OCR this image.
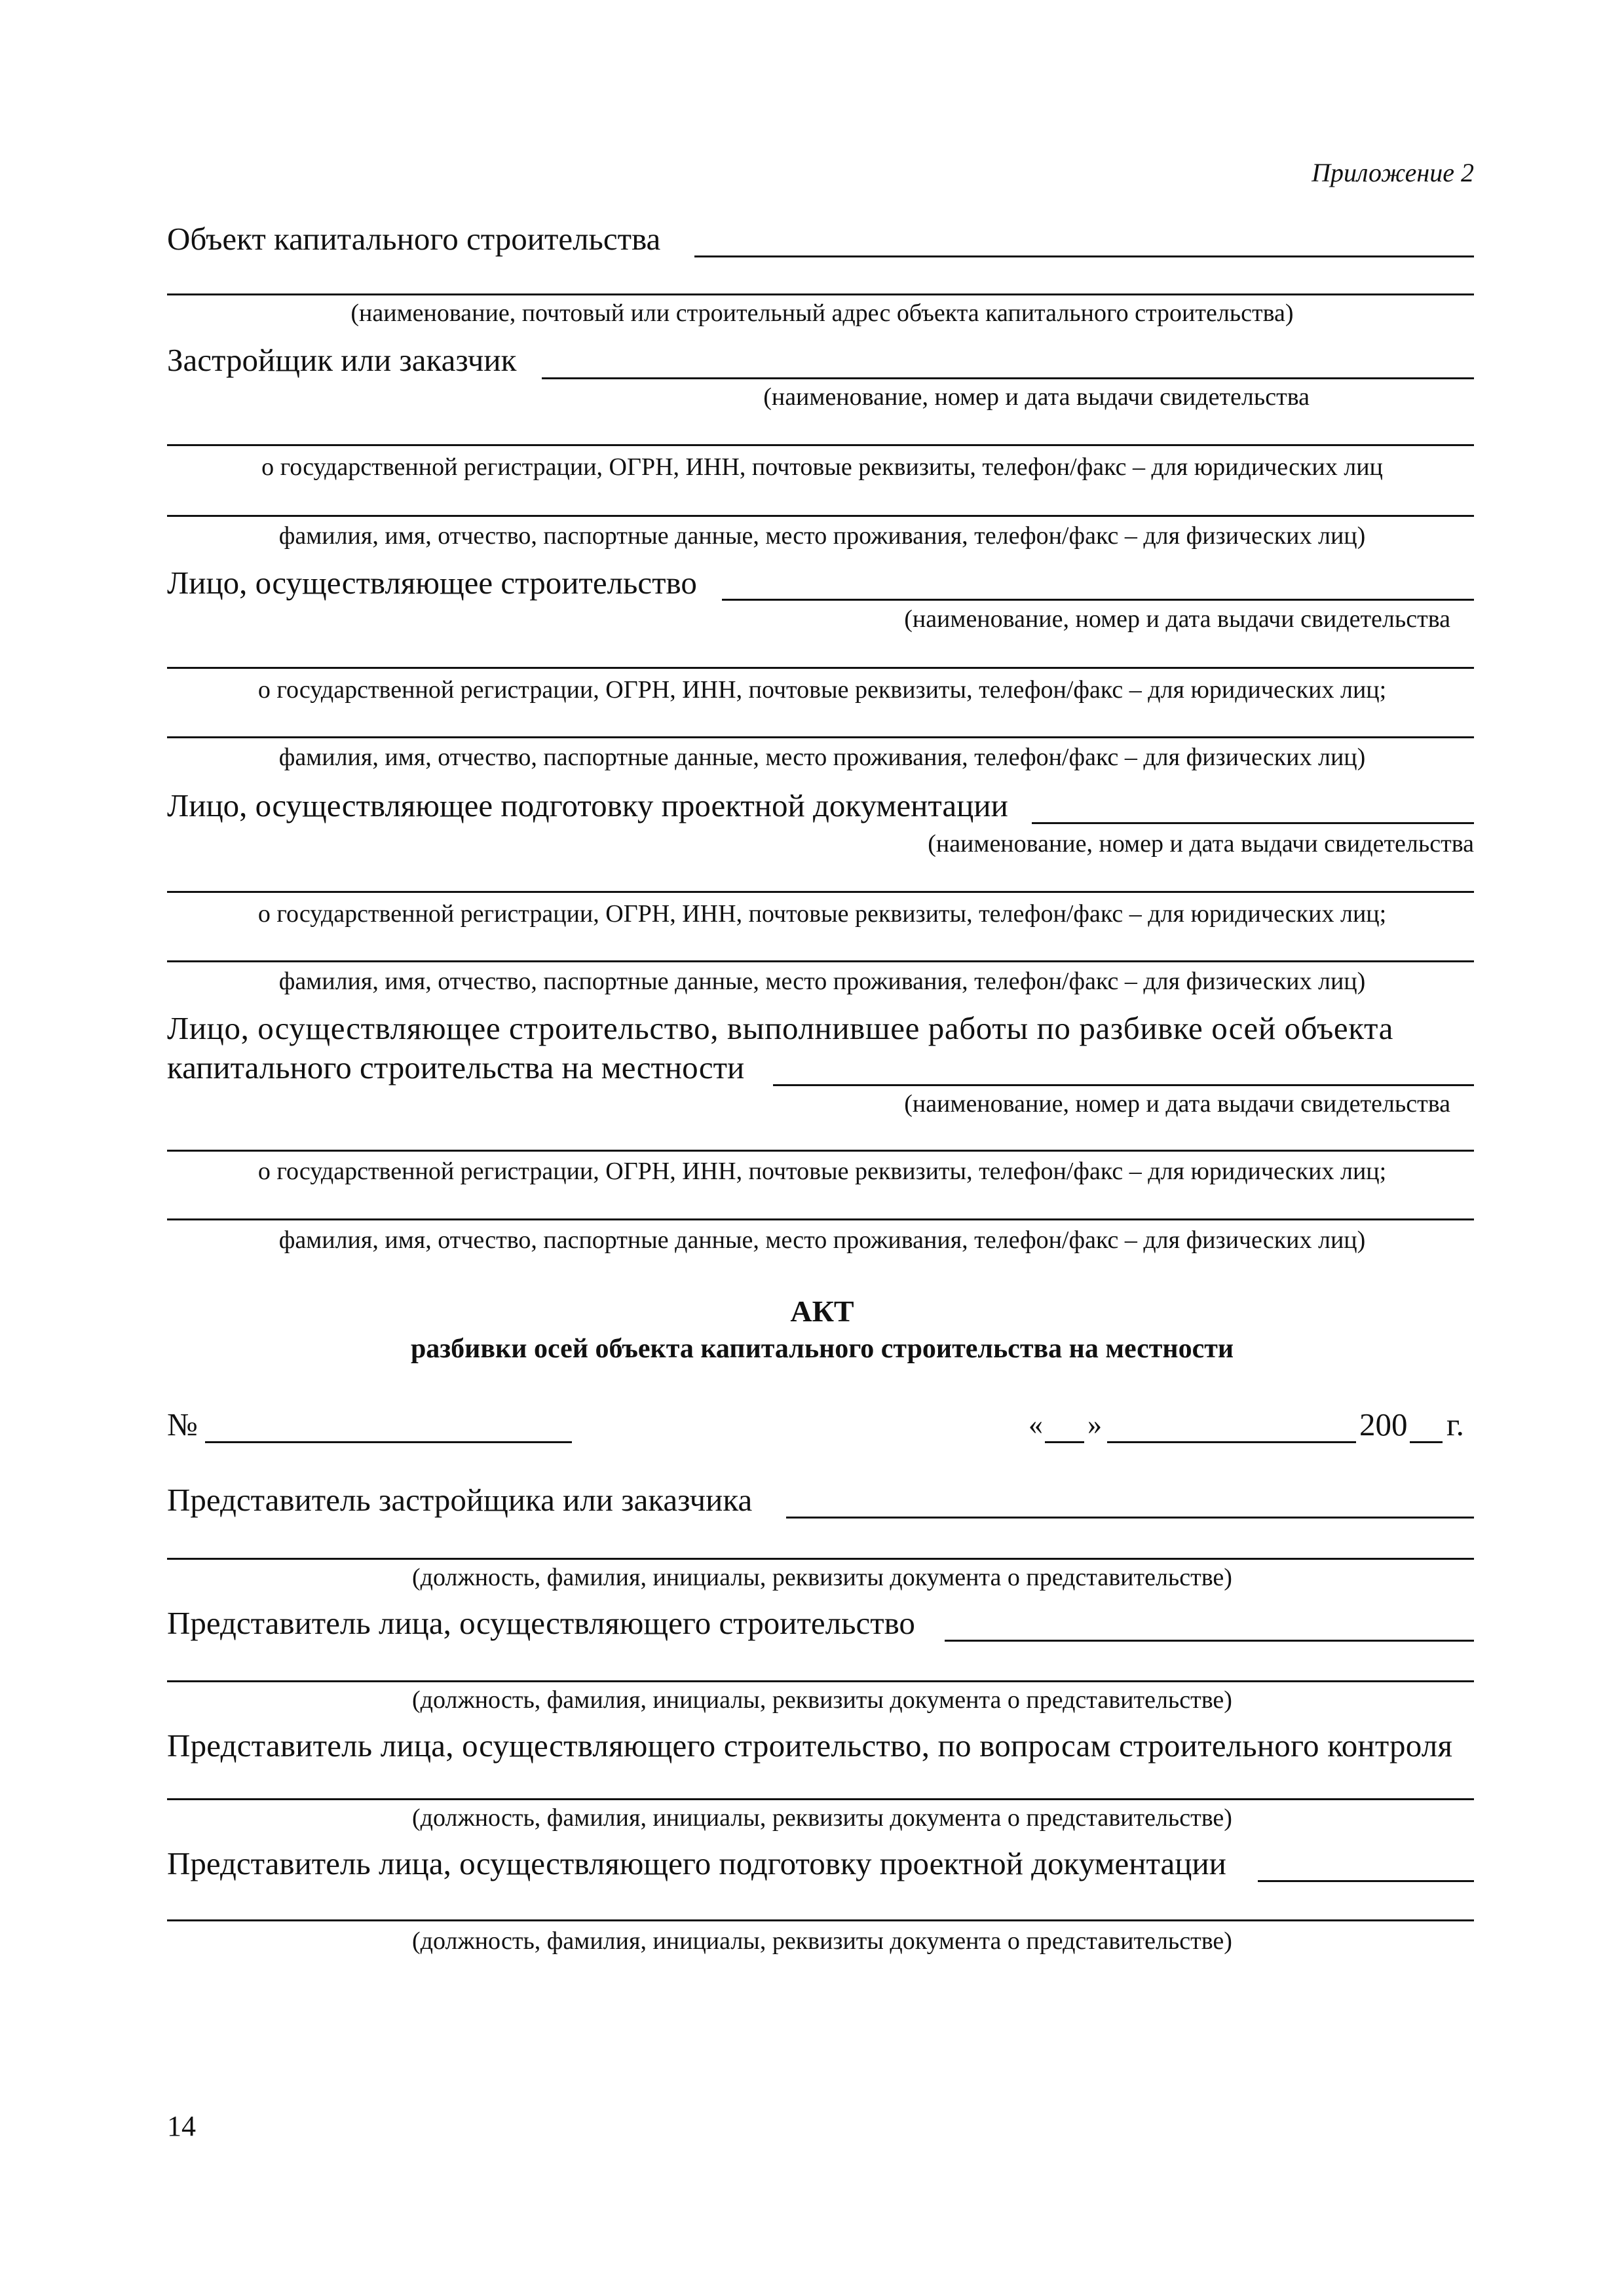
Приложение 2
Объект капитального строительства
(наименование, почтовый или строительный адрес объекта капитального строительства)
Застройщик или заказчик
(наименование, номер и дата выдачи свидетельства
о государственной регистрации, ОГРН, ИНН, почтовые реквизиты, телефон/факс – для юридических лиц
фамилия, имя, отчество, паспортные данные, место проживания, телефон/факс – для физических лиц)
Лицо, осуществляющее строительство
(наименование, номер и дата выдачи свидетельства
о государственной регистрации, ОГРН, ИНН, почтовые реквизиты, телефон/факс – для юридических лиц;
фамилия, имя, отчество, паспортные данные, место проживания, телефон/факс – для физических лиц)
Лицо, осуществляющее подготовку проектной документации
(наименование, номер и дата выдачи свидетельства
о государственной регистрации, ОГРН, ИНН, почтовые реквизиты, телефон/факс – для юридических лиц;
фамилия, имя, отчество, паспортные данные, место проживания, телефон/факс – для физических лиц)
Лицо, осуществляющее строительство, выполнившее работы по разбивке осей объекта
капитального строительства на местности
(наименование, номер и дата выдачи свидетельства
о государственной регистрации, ОГРН, ИНН, почтовые реквизиты, телефон/факс – для юридических лиц;
фамилия, имя, отчество, паспортные данные, место проживания, телефон/факс – для физических лиц)
АКТ
разбивки осей объекта капитального строительства на местности
№	« »	200 г.
Представитель застройщика или заказчика
(должность, фамилия, инициалы, реквизиты документа о представительстве)
Представитель лица, осуществляющего строительство
(должность, фамилия, инициалы, реквизиты документа о представительстве)
Представитель лица, осуществляющего строительство, по вопросам строительного контроля
(должность, фамилия, инициалы, реквизиты документа о представительстве)
Представитель лица, осуществляющего подготовку проектной документации
(должность, фамилия, инициалы, реквизиты документа о представительстве)
14
